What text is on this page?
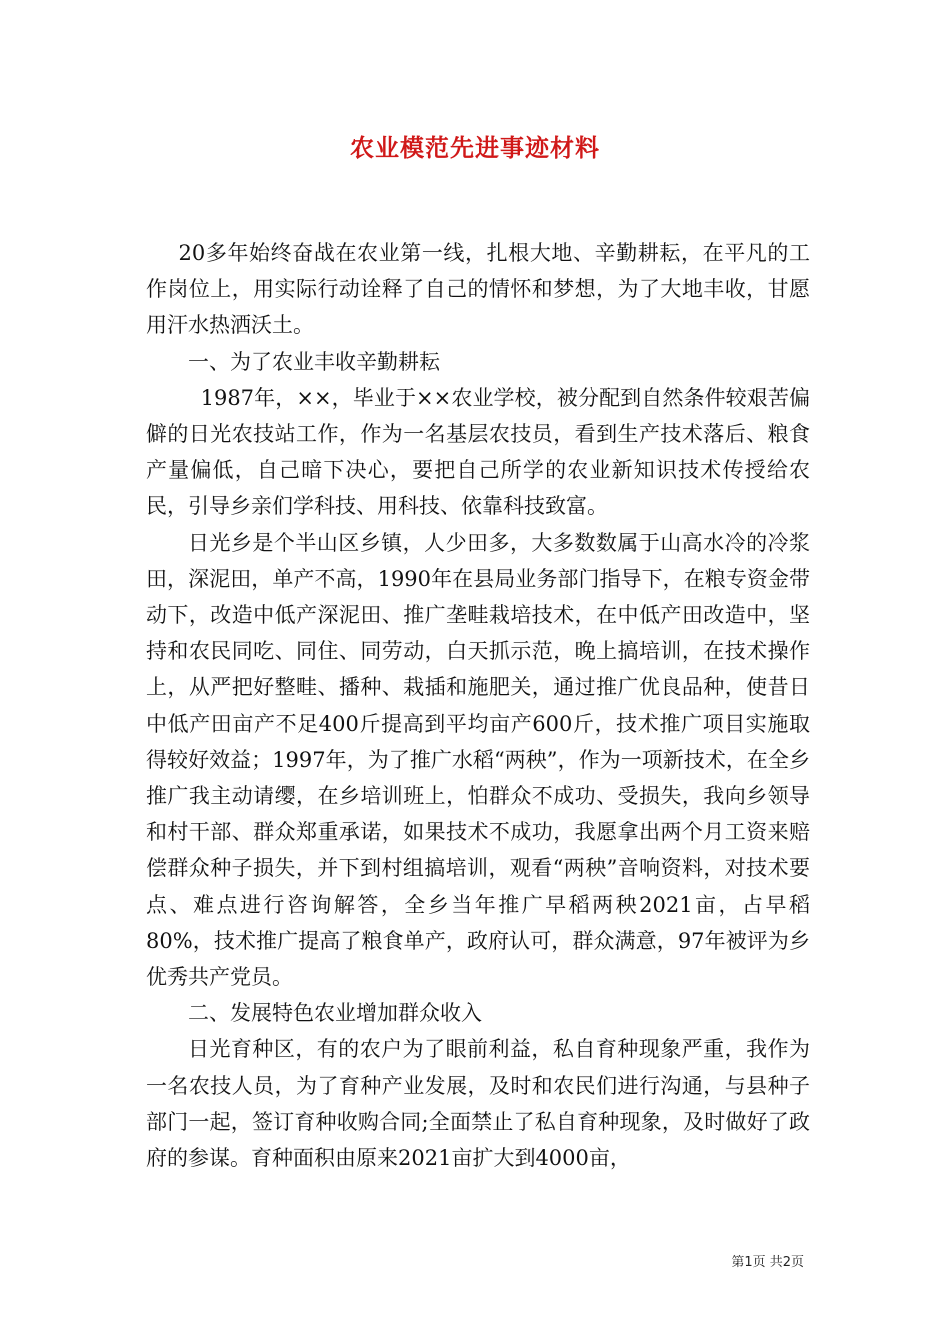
农业模范先进事迹材料

20多年始终奋战在农业第一线，扎根大地、辛勤耕耘，在平凡的工作岗位上，用实际行动诠释了自己的情怀和梦想，为了大地丰收，甘愿用汗水热洒沃土。

一、为了农业丰收辛勤耕耘

1987年，××，毕业于××农业学校，被分配到自然条件较艰苦偏僻的日光农技站工作，作为一名基层农技员，看到生产技术落后、粮食产量偏低，自己暗下决心，要把自己所学的农业新知识技术传授给农民，引导乡亲们学科技、用科技、依靠科技致富。

日光乡是个半山区乡镇，人少田多，大多数数属于山高水冷的冷浆田，深泥田，单产不高，1990年在县局业务部门指导下，在粮专资金带动下，改造中低产深泥田、推广垄畦栽培技术，在中低产田改造中，坚持和农民同吃、同住、同劳动，白天抓示范，晚上搞培训，在技术操作上，从严把好整畦、播种、栽插和施肥关，通过推广优良品种，使昔日中低产田亩产不足400斤提高到平均亩产600斤，技术推广项目实施取得较好效益；1997年，为了推广水稻“两秧”，作为一项新技术，在全乡推广我主动请缨，在乡培训班上，怕群众不成功、受损失，我向乡领导和村干部、群众郑重承诺，如果技术不成功，我愿拿出两个月工资来赔偿群众种子损失，并下到村组搞培训，观看“两秧”音响资料，对技术要点、难点进行咨询解答，全乡当年推广早稻两秧2021亩，占早稻80%，技术推广提高了粮食单产，政府认可，群众满意，97年被评为乡优秀共产党员。

二、发展特色农业增加群众收入

日光育种区，有的农户为了眼前利益，私自育种现象严重，我作为一名农技人员，为了育种产业发展，及时和农民们进行沟通，与县种子部门一起，签订育种收购合同;全面禁止了私自育种现象，及时做好了政府的参谋。育种面积由原来2021亩扩大到4000亩，

第1页 共2页
